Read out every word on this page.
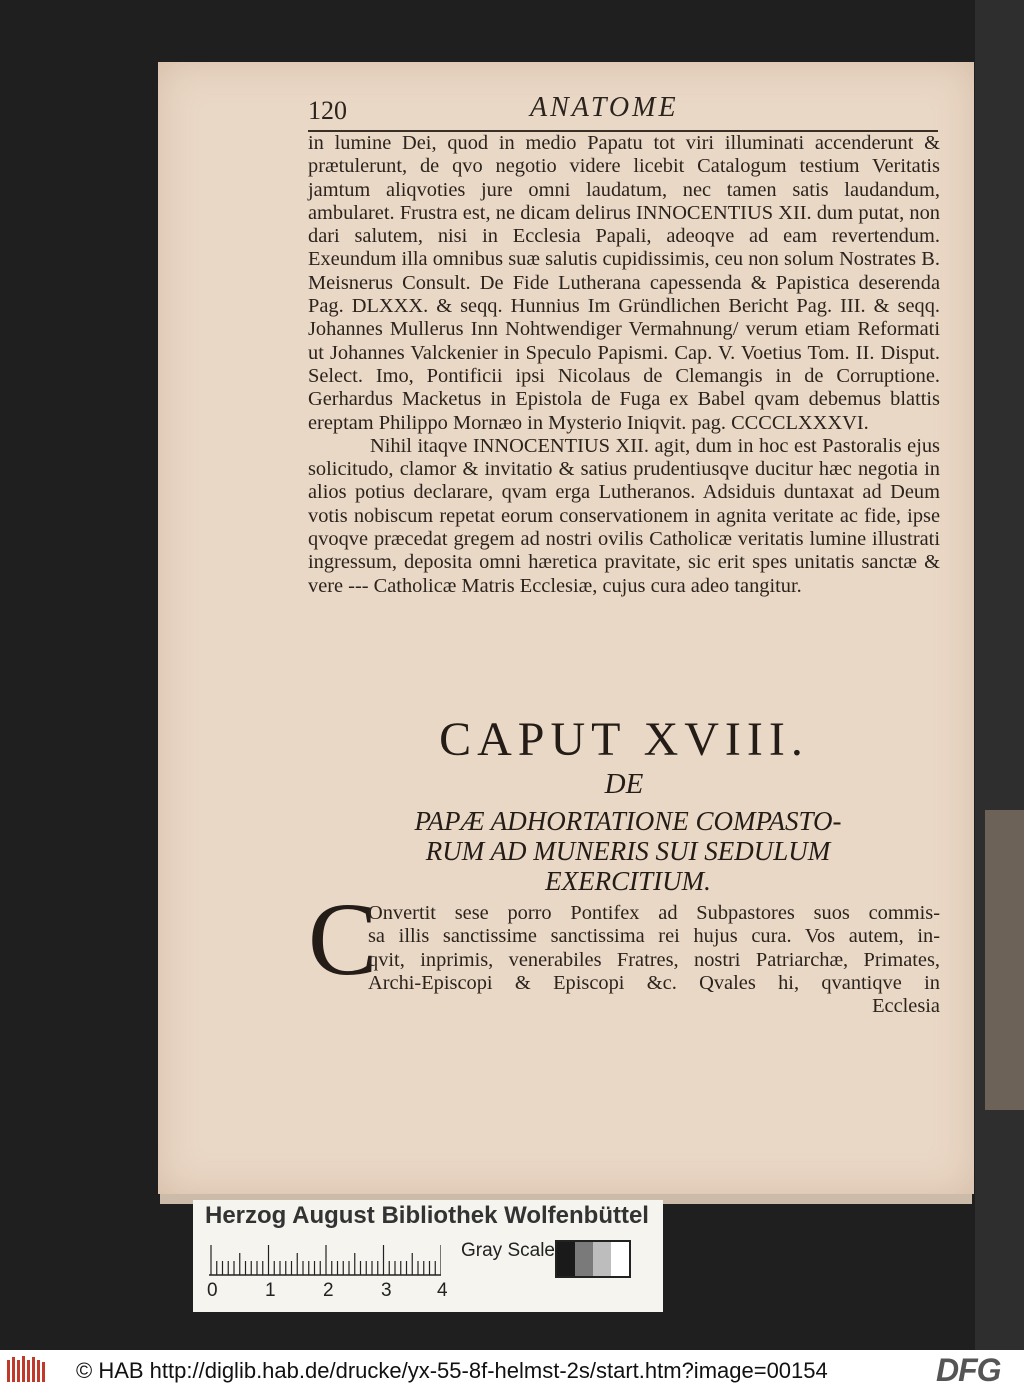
120	ANATOME

in lumine Dei, quod in medio Papatu tot viri illuminati accenderunt & prætulerunt, de qvo negotio videre licebit Catalogum testium Veritatis jamtum aliqvoties jure omni laudatum, nec tamen satis laudandum, ambularet. Frustra est, ne dicam delirus INNOCENTIUS XII. dum putat, non dari salutem, nisi in Ecclesia Papali, adeoqve ad eam revertendum. Exeundum illa omnibus suæ salutis cupidissimis, ceu non solum Nostrates B. Meisnerus Consult. De Fide Lutherana capessenda & Papistica deserenda Pag. DLXXX. & seqq. Hunnius Im Gründlichen Bericht Pag. III. & seqq. Johannes Mullerus Inn Nohtwendiger Vermahnung/ verum etiam Reformati ut Johannes Valckenier in Speculo Papismi. Cap. V. Voetius Tom. II. Disput. Select. Imo, Pontificii ipsi Nicolaus de Clemangis in de Corruptione. Gerhardus Macketus in Epistola de Fuga ex Babel qvam debemus blattis ereptam Philippo Mornæo in Mysterio Iniqvit. pag. CCCCLXXXVI.

Nihil itaqve INNOCENTIUS XII. agit, dum in hoc est Pastoralis ejus solicitudo, clamor & invitatio & satius prudentiusqve ducitur hæc negotia in alios potius declarare, qvam erga Lutheranos. Adsiduis duntaxat ad Deum votis nobiscum repetat eorum conservationem in agnita veritate ac fide, ipse qvoqve præcedat gregem ad nostri ovilis Catholicæ veritatis lumine illustrati ingressum, deposita omni hæretica pravitate, sic erit spes unitatis sanctæ & vere --- Catholicæ Matris Ecclesiæ, cujus cura adeo tangitur.

CAPUT XVIII.
DE
PAPÆ ADHORTATIONE COMPASTO-
RUM AD MUNERIS SUI SEDULUM
EXERCITIUM.
C
Onvertit sese porro Pontifex ad Subpastores suos commis-
sa illis sanctissime sanctissima rei hujus cura. Vos autem, in-
qvit, inprimis, venerabiles Fratres, nostri Patriarchæ, Primates,
Archi-Episcopi & Episcopi &c. Qvales hi, qvantiqve in
Ecclesia
Herzog August Bibliothek Wolfenbüttel
0 1 2 3 4
Gray Scale
© HAB http://diglib.hab.de/drucke/yx-55-8f-helmst-2s/start.htm?image=00154	DFG
